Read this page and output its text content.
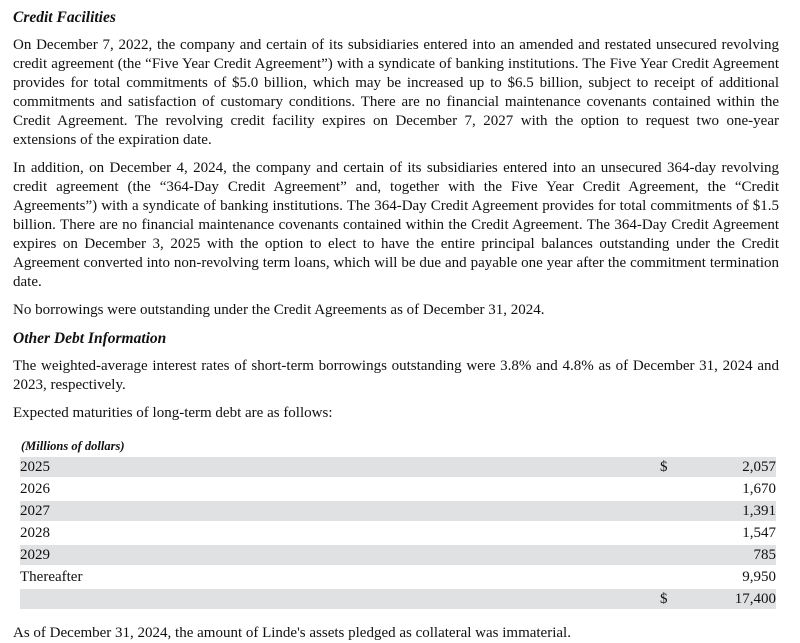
Credit Facilities

On December 7, 2022, the company and certain of its subsidiaries entered into an amended and restated unsecured revolving credit agreement (the “Five Year Credit Agreement”) with a syndicate of banking institutions. The Five Year Credit Agreement provides for total commitments of $5.0 billion, which may be increased up to $6.5 billion, subject to receipt of additional commitments and satisfaction of customary conditions. There are no financial maintenance covenants contained within the Credit Agreement. The revolving credit facility expires on December 7, 2027 with the option to request two one-year extensions of the expiration date.

In addition, on December 4, 2024, the company and certain of its subsidiaries entered into an unsecured 364-day revolving credit agreement (the “364-Day Credit Agreement” and, together with the Five Year Credit Agreement, the “Credit Agreements”) with a syndicate of banking institutions. The 364-Day Credit Agreement provides for total commitments of $1.5 billion. There are no financial maintenance covenants contained within the Credit Agreement. The 364-Day Credit Agreement expires on December 3, 2025 with the option to elect to have the entire principal balances outstanding under the Credit Agreement converted into non-revolving term loans, which will be due and payable one year after the commitment termination date.

No borrowings were outstanding under the Credit Agreements as of December 31, 2024.

Other Debt Information

The weighted-average interest rates of short-term borrowings outstanding were 3.8% and 4.8% as of December 31, 2024 and 2023, respectively.

Expected maturities of long-term debt are as follows:

(Millions of dollars)
2025	$	2,057
2026		1,670
2027		1,391
2028		1,547
2029		785
Thereafter		9,950
	$	17,400

As of December 31, 2024, the amount of Linde's assets pledged as collateral was immaterial.
